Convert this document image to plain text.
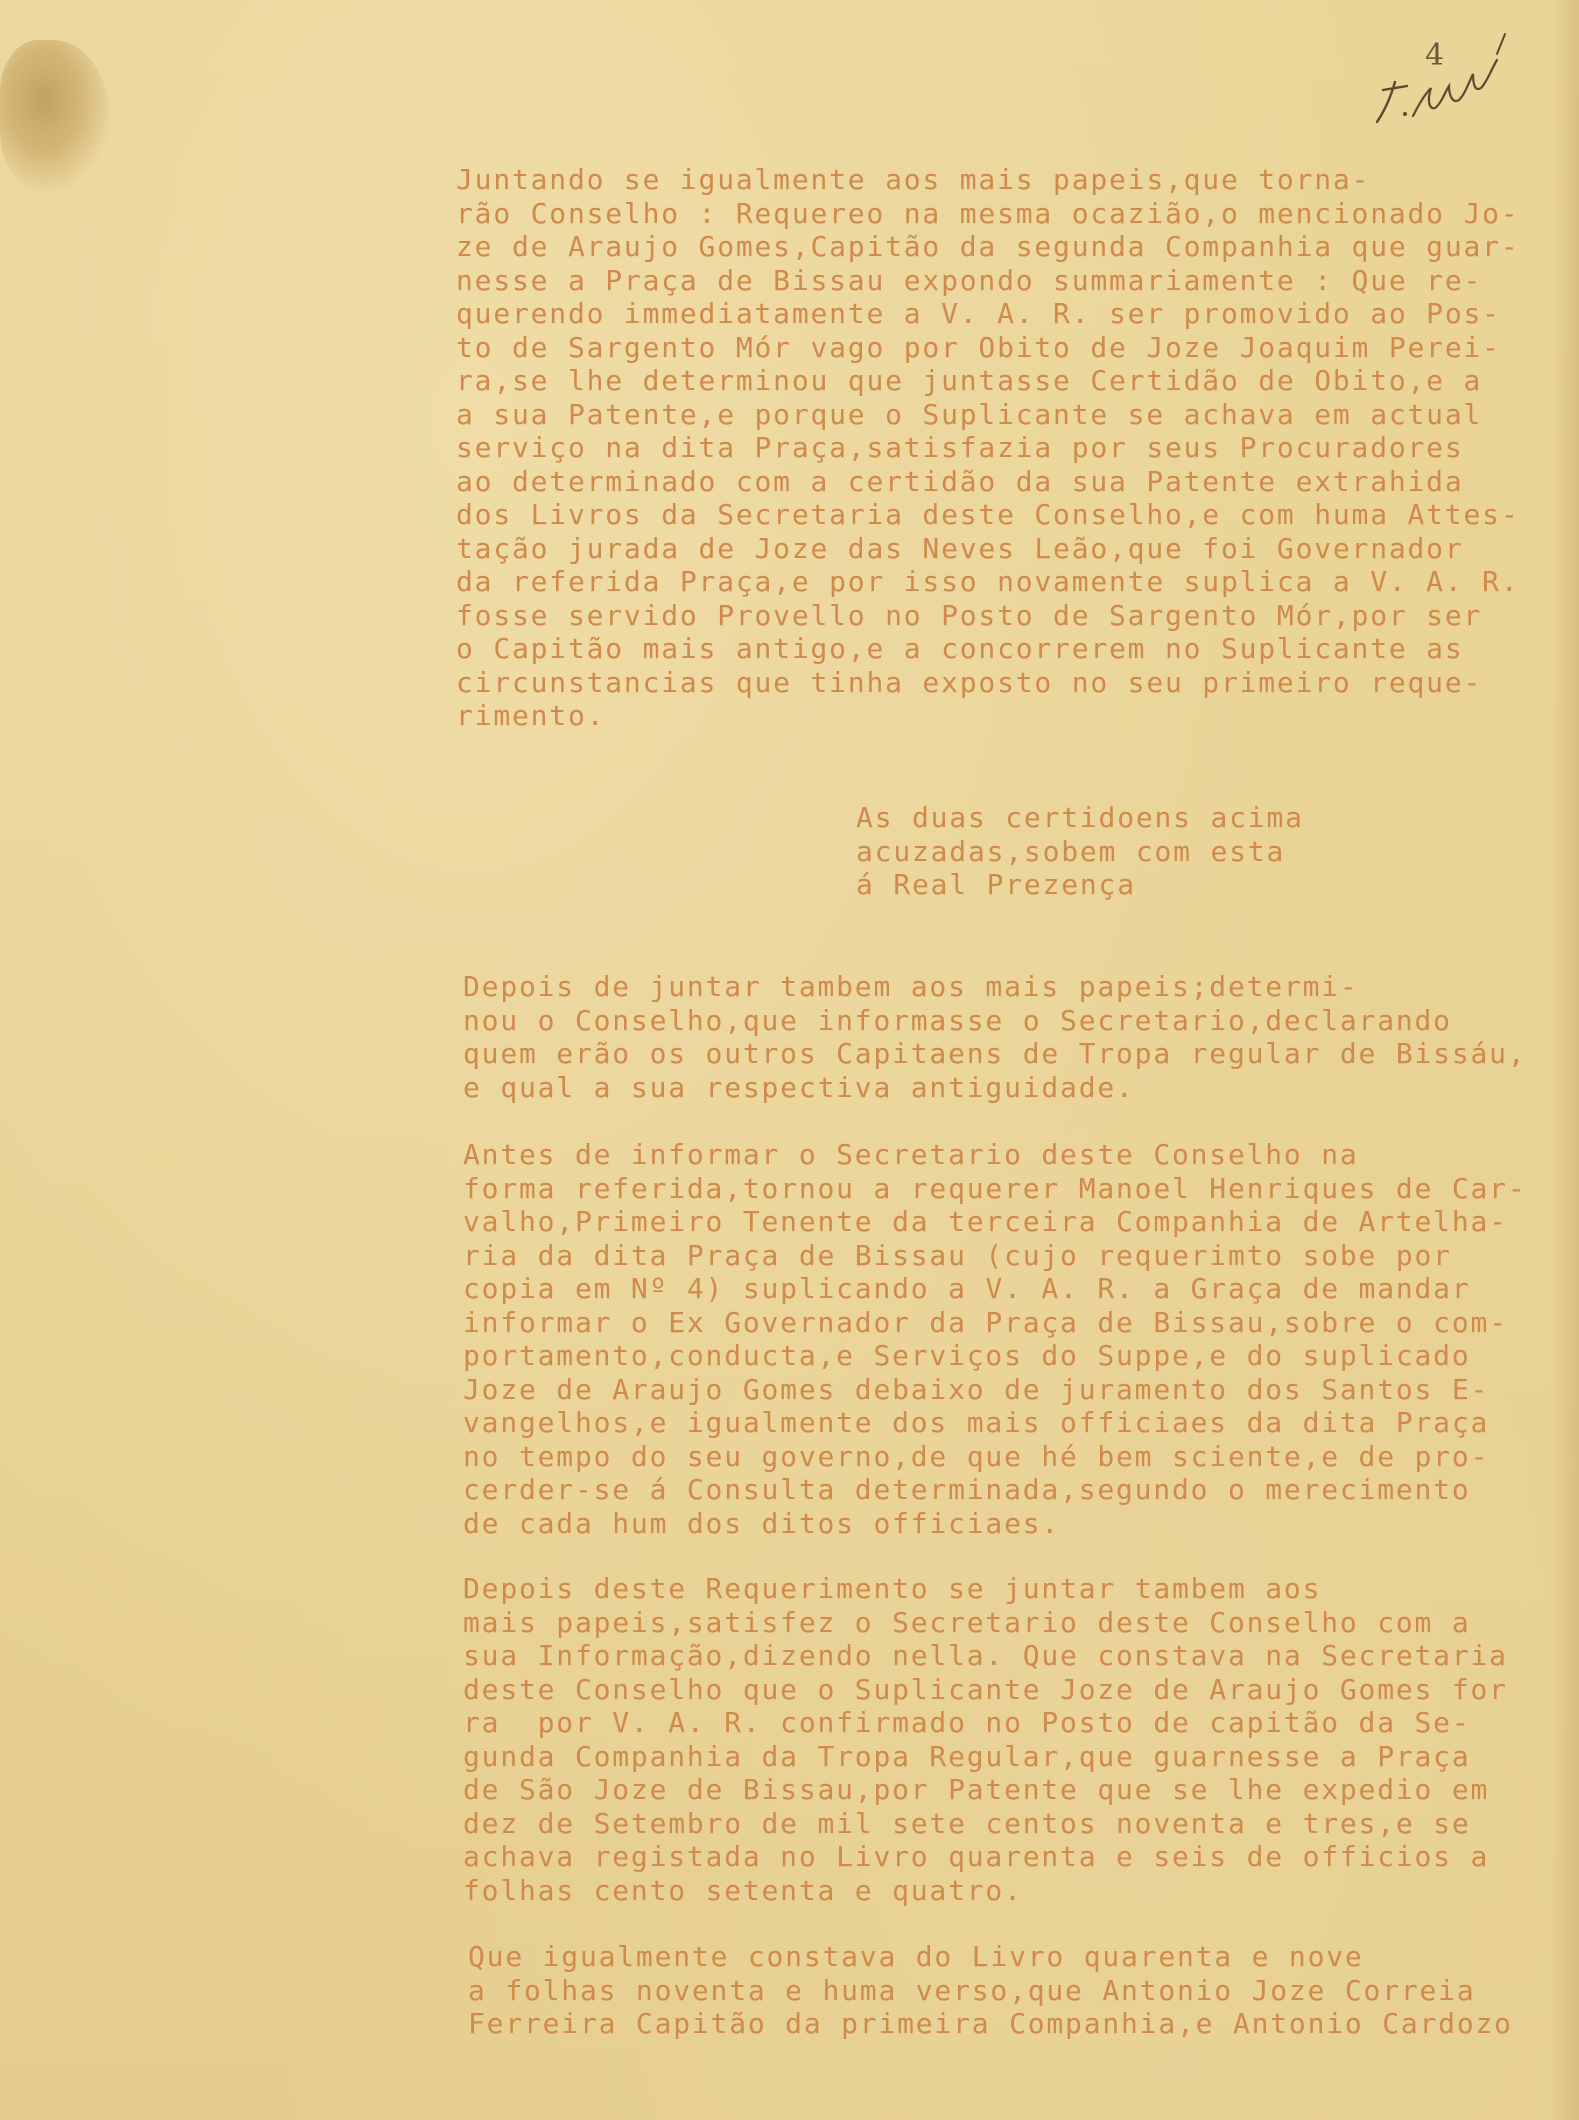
4
Juntando se igualmente aos mais papeis,que torna-
rão Conselho : Requereo na mesma ocazião,o mencionado Jo-
ze de Araujo Gomes,Capitão da segunda Companhia que guar-
nesse a Praça de Bissau expondo summariamente : Que re-
querendo immediatamente a V. A. R. ser promovido ao Pos-
to de Sargento Mór vago por Obito de Joze Joaquim Perei-
ra,se lhe determinou que juntasse Certidão de Obito,e a
a sua Patente,e porque o Suplicante se achava em actual
serviço na dita Praça,satisfazia por seus Procuradores
ao determinado com a certidão da sua Patente extrahida
dos Livros da Secretaria deste Conselho,e com huma Attes-
tação jurada de Joze das Neves Leão,que foi Governador
da referida Praça,e por isso novamente suplica a V. A. R.
fosse servido Provello no Posto de Sargento Mór,por ser
o Capitão mais antigo,e a concorrerem no Suplicante as
circunstancias que tinha exposto no seu primeiro reque-
rimento.
As duas certidoens acima
acuzadas,sobem com esta
á Real Prezença
Depois de juntar tambem aos mais papeis;determi-
nou o Conselho,que informasse o Secretario,declarando
quem erão os outros Capitaens de Tropa regular de Bissáu,
e qual a sua respectiva antiguidade.
Antes de informar o Secretario deste Conselho na
forma referida,tornou a requerer Manoel Henriques de Car-
valho,Primeiro Tenente da terceira Companhia de Artelha-
ria da dita Praça de Bissau (cujo requerimto sobe por
copia em Nº 4) suplicando a V. A. R. a Graça de mandar
informar o Ex Governador da Praça de Bissau,sobre o com-
portamento,conducta,e Serviços do Suppe,e do suplicado
Joze de Araujo Gomes debaixo de juramento dos Santos E-
vangelhos,e igualmente dos mais officiaes da dita Praça
no tempo do seu governo,de que hé bem sciente,e de pro-
cerder-se á Consulta determinada,segundo o merecimento
de cada hum dos ditos officiaes.
Depois deste Requerimento se juntar tambem aos
mais papeis,satisfez o Secretario deste Conselho com a
sua Informação,dizendo nella. Que constava na Secretaria
deste Conselho que o Suplicante Joze de Araujo Gomes for
ra  por V. A. R. confirmado no Posto de capitão da Se-
gunda Companhia da Tropa Regular,que guarnesse a Praça
de São Joze de Bissau,por Patente que se lhe expedio em
dez de Setembro de mil sete centos noventa e tres,e se
achava registada no Livro quarenta e seis de officios a
folhas cento setenta e quatro.
Que igualmente constava do Livro quarenta e nove
a folhas noventa e huma verso,que Antonio Joze Correia
Ferreira Capitão da primeira Companhia,e Antonio Cardozo
